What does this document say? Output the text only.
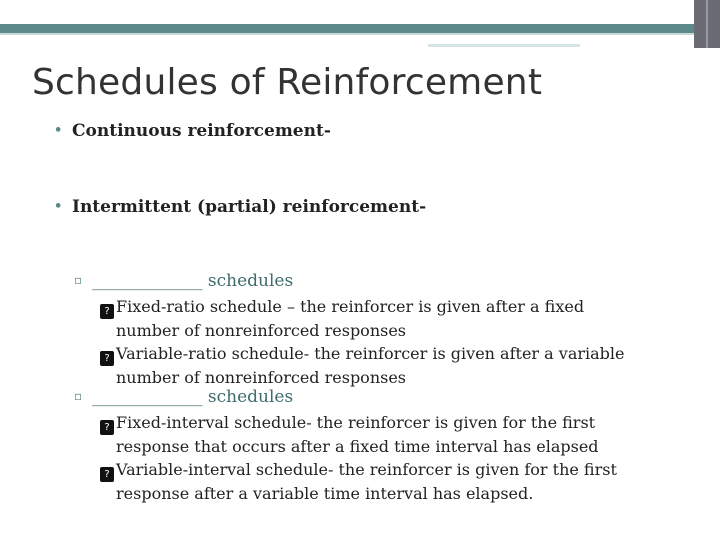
Schedules of Reinforcement
• Continuous reinforcement-
• Intermittent (partial) reinforcement-
▫ _____________ schedules
? Fixed-ratio schedule – the reinforcer is given after a fixed
number of nonreinforced responses
? Variable-ratio schedule- the reinforcer is given after a variable
number of nonreinforced responses
▫ _____________ schedules
? Fixed-interval schedule- the reinforcer is given for the first
response that occurs after a fixed time interval has elapsed
? Variable-interval schedule- the reinforcer is given for the first
response after a variable time interval has elapsed.
